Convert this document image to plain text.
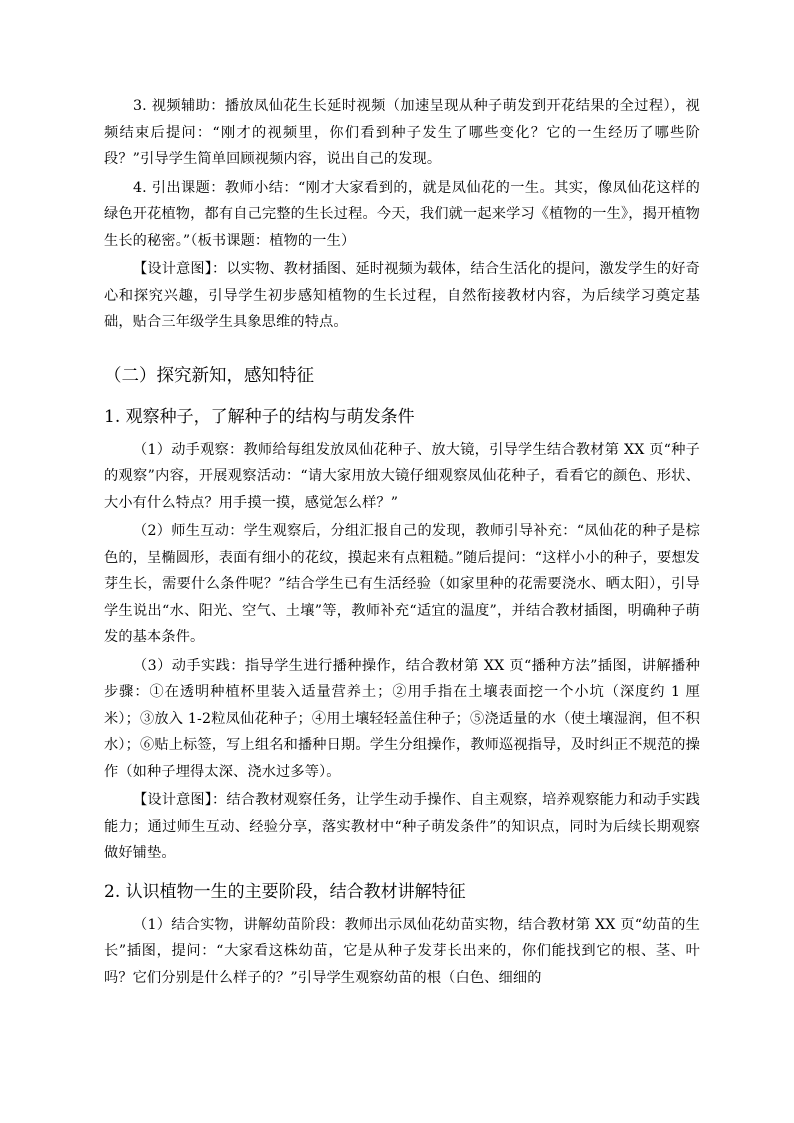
3. 视频辅助：播放凤仙花生长延时视频（加速呈现从种子萌发到开花结果的全过程），视频结束后提问：“刚才的视频里，你们看到种子发生了哪些变化？它的一生经历了哪些阶段？”引导学生简单回顾视频内容，说出自己的发现。

4. 引出课题：教师小结：“刚才大家看到的，就是凤仙花的一生。其实，像凤仙花这样的绿色开花植物，都有自己完整的生长过程。今天，我们就一起来学习《植物的一生》，揭开植物生长的秘密。”（板书课题：植物的一生）

【设计意图】：以实物、教材插图、延时视频为载体，结合生活化的提问，激发学生的好奇心和探究兴趣，引导学生初步感知植物的生长过程，自然衔接教材内容，为后续学习奠定基础，贴合三年级学生具象思维的特点。

（二）探究新知，感知特征
1. 观察种子，了解种子的结构与萌发条件

（1）动手观察：教师给每组发放凤仙花种子、放大镜，引导学生结合教材第 XX 页“种子的观察”内容，开展观察活动：“请大家用放大镜仔细观察凤仙花种子，看看它的颜色、形状、大小有什么特点？用手摸一摸，感觉怎么样？”

（2）师生互动：学生观察后，分组汇报自己的发现，教师引导补充：“凤仙花的种子是棕色的，呈椭圆形，表面有细小的花纹，摸起来有点粗糙。”随后提问：“这样小小的种子，要想发芽生长，需要什么条件呢？”结合学生已有生活经验（如家里种的花需要浇水、晒太阳），引导学生说出“水、阳光、空气、土壤”等，教师补充“适宜的温度”，并结合教材插图，明确种子萌发的基本条件。

（3）动手实践：指导学生进行播种操作，结合教材第 XX 页“播种方法”插图，讲解播种步骤：①在透明种植杯里装入适量营养土；②用手指在土壤表面挖一个小坑（深度约 1 厘米）；③放入 1-2粒凤仙花种子；④用土壤轻轻盖住种子；⑤浇适量的水（使土壤湿润，但不积水）；⑥贴上标签，写上组名和播种日期。学生分组操作，教师巡视指导，及时纠正不规范的操作（如种子埋得太深、浇水过多等）。

【设计意图】：结合教材观察任务，让学生动手操作、自主观察，培养观察能力和动手实践能力；通过师生互动、经验分享，落实教材中“种子萌发条件”的知识点，同时为后续长期观察做好铺垫。

2. 认识植物一生的主要阶段，结合教材讲解特征

（1）结合实物，讲解幼苗阶段：教师出示凤仙花幼苗实物，结合教材第 XX 页“幼苗的生长”插图，提问：“大家看这株幼苗，它是从种子发芽长出来的，你们能找到它的根、茎、叶吗？它们分别是什么样子的？”引导学生观察幼苗的根（白色、细细的
